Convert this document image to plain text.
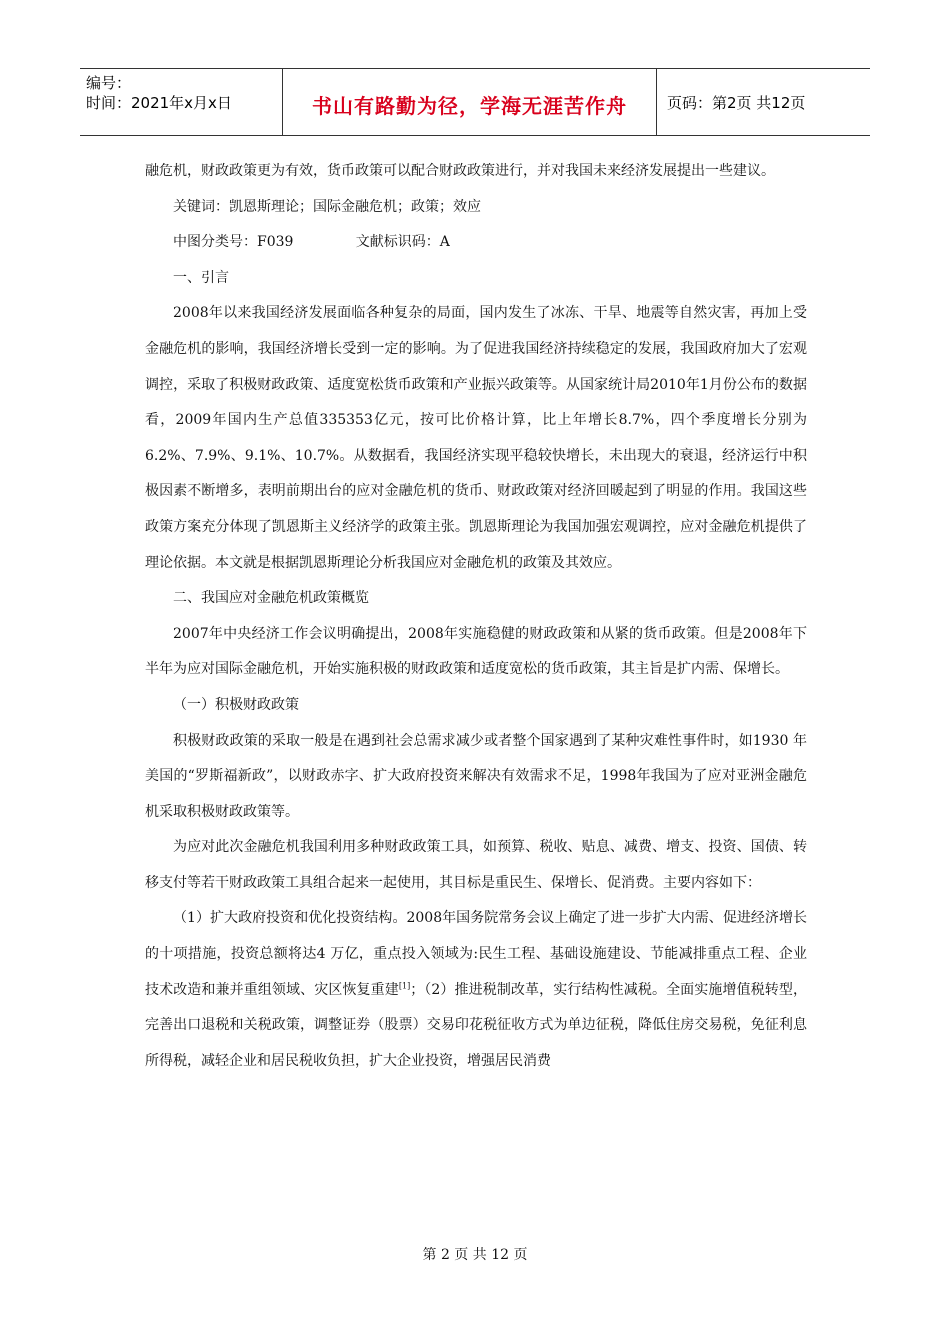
编号：
时间：2021年x月x日	书山有路勤为径，学海无涯苦作舟	页码：第2页 共12页

融危机，财政政策更为有效，货币政策可以配合财政政策进行，并对我国未来经济发展提出一些建议。

关键词：凯恩斯理论；国际金融危机；政策；效应

中图分类号：F039	文献标识码：A

一、引言

2008年以来我国经济发展面临各种复杂的局面，国内发生了冰冻、干旱、地震等自然灾害，再加上受金融危机的影响，我国经济增长受到一定的影响。为了促进我国经济持续稳定的发展，我国政府加大了宏观调控，采取了积极财政政策、适度宽松货币政策和产业振兴政策等。从国家统计局2010年1月份公布的数据看，2009年国内生产总值335353亿元，按可比价格计算，比上年增长8.7%，四个季度增长分别为6.2%、7.9%、9.1%、10.7%。从数据看，我国经济实现平稳较快增长，未出现大的衰退，经济运行中积极因素不断增多，表明前期出台的应对金融危机的货币、财政政策对经济回暖起到了明显的作用。我国这些政策方案充分体现了凯恩斯主义经济学的政策主张。凯恩斯理论为我国加强宏观调控，应对金融危机提供了理论依据。本文就是根据凯恩斯理论分析我国应对金融危机的政策及其效应。

二、我国应对金融危机政策概览

2007年中央经济工作会议明确提出，2008年实施稳健的财政政策和从紧的货币政策。但是2008年下半年为应对国际金融危机，开始实施积极的财政政策和适度宽松的货币政策，其主旨是扩内需、保增长。

（一）积极财政政策

积极财政政策的采取一般是在遇到社会总需求减少或者整个国家遇到了某种灾难性事件时，如1930 年美国的“罗斯福新政”，以财政赤字、扩大政府投资来解决有效需求不足，1998年我国为了应对亚洲金融危机采取积极财政政策等。

为应对此次金融危机我国利用多种财政政策工具，如预算、税收、贴息、减费、增支、投资、国债、转移支付等若干财政政策工具组合起来一起使用，其目标是重民生、保增长、促消费。主要内容如下：

（1）扩大政府投资和优化投资结构。2008年国务院常务会议上确定了进一步扩大内需、促进经济增长的十项措施，投资总额将达4 万亿，重点投入领域为:民生工程、基础设施建设、节能减排重点工程、企业技术改造和兼并重组领域、灾区恢复重建[1]；（2）推进税制改革，实行结构性减税。全面实施增值税转型，完善出口退税和关税政策，调整证券（股票）交易印花税征收方式为单边征税，降低住房交易税，免征利息所得税，减轻企业和居民税收负担，扩大企业投资，增强居民消费

第 2 页 共 12 页
